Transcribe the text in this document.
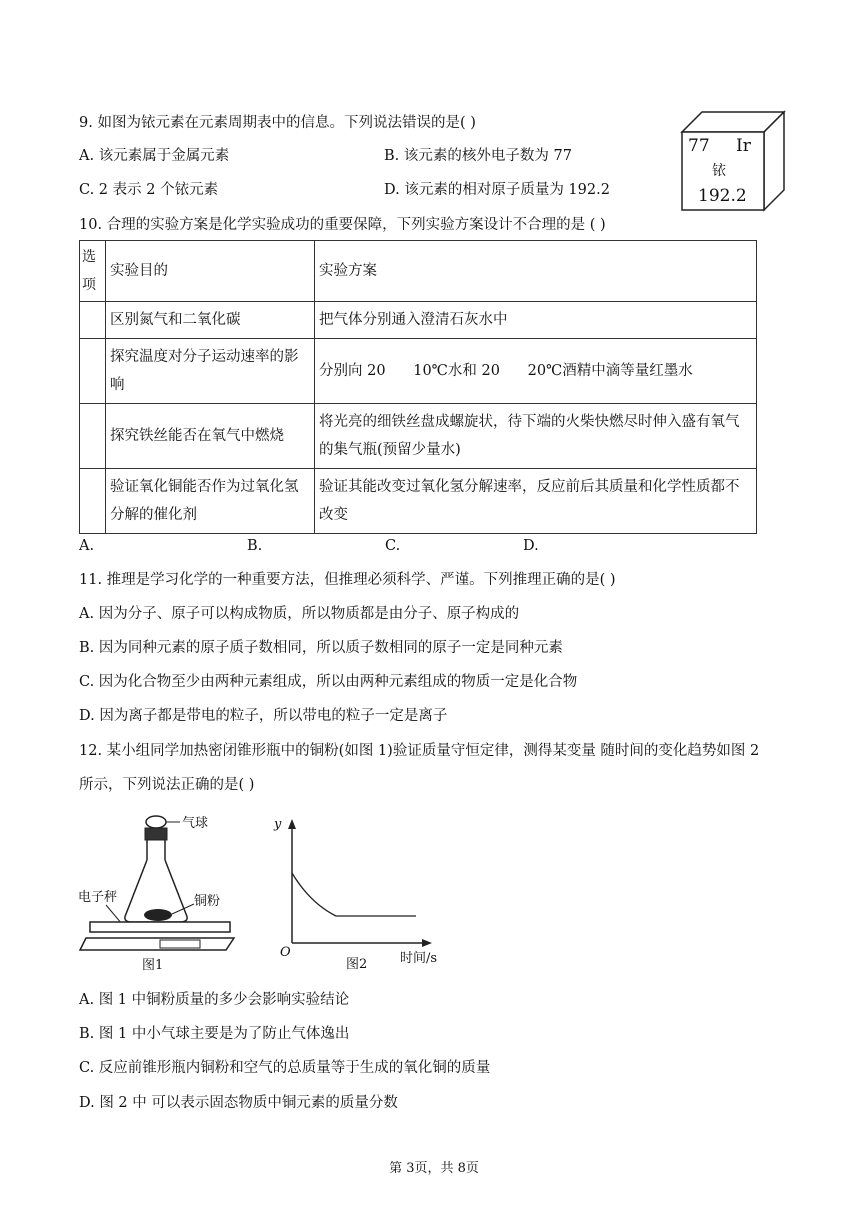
9. 如图为铱元素在元素周期表中的信息。下列说法错误的是( )
A. 该元素属于金属元素	B. 该元素的核外电子数为 77
C. 2 表示 2 个铱元素	D. 该元素的相对原子质量为 192.2
77 Ir
铱
192.2
10. 合理的实验方案是化学实验成功的重要保障，下列实验方案设计不合理的是 ( )
选项	实验目的	实验方案
	区别氮气和二氧化碳	把气体分别通入澄清石灰水中
	探究温度对分子运动速率的影响	分别向 20      10℃水和 20      20℃酒精中滴等量红墨水
	探究铁丝能否在氧气中燃烧	将光亮的细铁丝盘成螺旋状，待下端的火柴快燃尽时伸入盛有氧气的集气瓶(预留少量水)
	验证氧化铜能否作为过氧化氢分解的催化剂	验证其能改变过氧化氢分解速率，反应前后其质量和化学性质都不改变
A.	B.	C.	D.
11. 推理是学习化学的一种重要方法，但推理必须科学、严谨。下列推理正确的是( )
A. 因为分子、原子可以构成物质，所以物质都是由分子、原子构成的
B. 因为同种元素的原子质子数相同，所以质子数相同的原子一定是同种元素
C. 因为化合物至少由两种元素组成，所以由两种元素组成的物质一定是化合物
D. 因为离子都是带电的粒子，所以带电的粒子一定是离子
12. 某小组同学加热密闭锥形瓶中的铜粉(如图 1)验证质量守恒定律，测得某变量 随时间的变化趋势如图 2
所示，下列说法正确的是( )
气球
铜粉
电子秤
图1
y
O
图2	时间/s
A. 图 1 中铜粉质量的多少会影响实验结论
B. 图 1 中小气球主要是为了防止气体逸出
C. 反应前锥形瓶内铜粉和空气的总质量等于生成的氧化铜的质量
D. 图 2 中 可以表示固态物质中铜元素的质量分数
第 3页，共 8页
